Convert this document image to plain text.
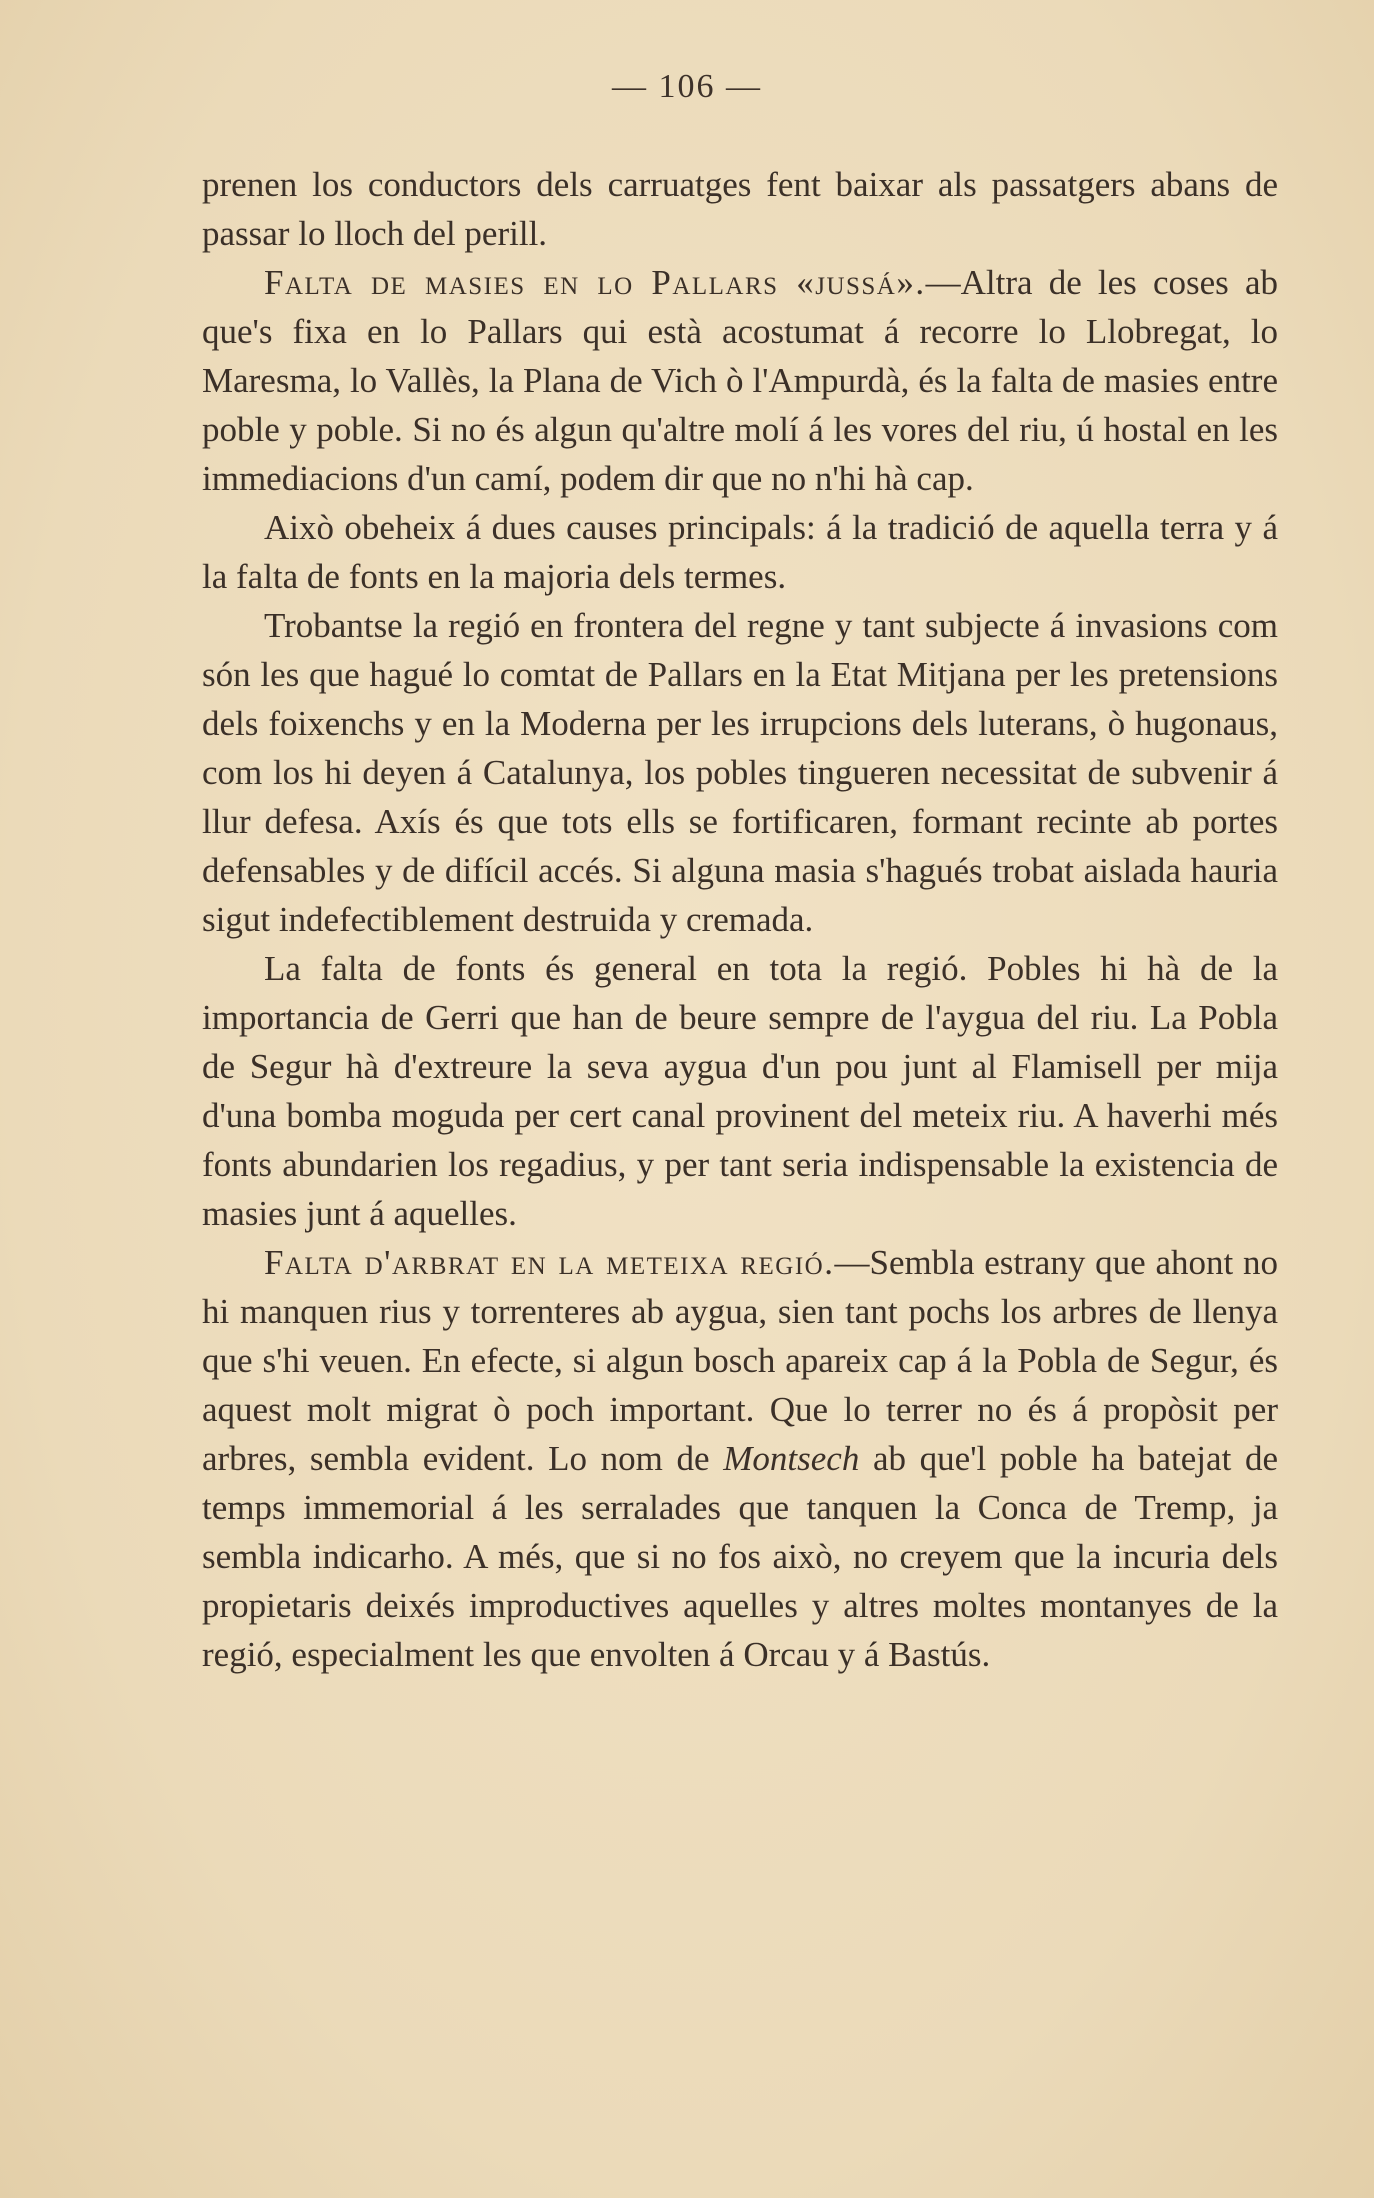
— 106 —

prenen los conductors dels carruatges fent baixar als passatgers abans de passar lo lloch del perill.

Falta de masies en lo Pallars «jussá».—Altra de les coses ab que's fixa en lo Pallars qui està acostumat á recorre lo Llobregat, lo Maresma, lo Vallès, la Plana de Vich ò l'Ampurdà, és la falta de masies entre poble y poble. Si no és algun qu'altre molí á les vores del riu, ú hostal en les immediacions d'un camí, podem dir que no n'hi hà cap.

Això obeheix á dues causes principals: á la tradició de aquella terra y á la falta de fonts en la majoria dels termes.

Trobantse la regió en frontera del regne y tant subjecte á invasions com són les que hagué lo comtat de Pallars en la Etat Mitjana per les pretensions dels foixenchs y en la Moderna per les irrupcions dels luterans, ò hugonaus, com los hi deyen á Catalunya, los pobles tingueren necessitat de subvenir á llur defesa. Axís és que tots ells se fortificaren, formant recinte ab portes defensables y de difícil accés. Si alguna masia s'hagués trobat aislada hauria sigut indefectiblement destruida y cremada.

La falta de fonts és general en tota la regió. Pobles hi hà de la importancia de Gerri que han de beure sempre de l'aygua del riu. La Pobla de Segur hà d'extreure la seva aygua d'un pou junt al Flamisell per mija d'una bomba moguda per cert canal provinent del meteix riu. A haverhi més fonts abundarien los regadius, y per tant seria indispensable la existencia de masies junt á aquelles.

Falta d'arbrat en la meteixa regió.—Sembla estrany que ahont no hi manquen rius y torrenteres ab aygua, sien tant pochs los arbres de llenya que s'hi veuen. En efecte, si algun bosch apareix cap á la Pobla de Segur, és aquest molt migrat ò poch important. Que lo terrer no és á propòsit per arbres, sembla evident. Lo nom de Montsech ab que'l poble ha batejat de temps immemorial á les serralades que tanquen la Conca de Tremp, ja sembla indicarho. A més, que si no fos això, no creyem que la incuria dels propietaris deixés improductives aquelles y altres moltes montanyes de la regió, especialment les que envolten á Orcau y á Bastús.
